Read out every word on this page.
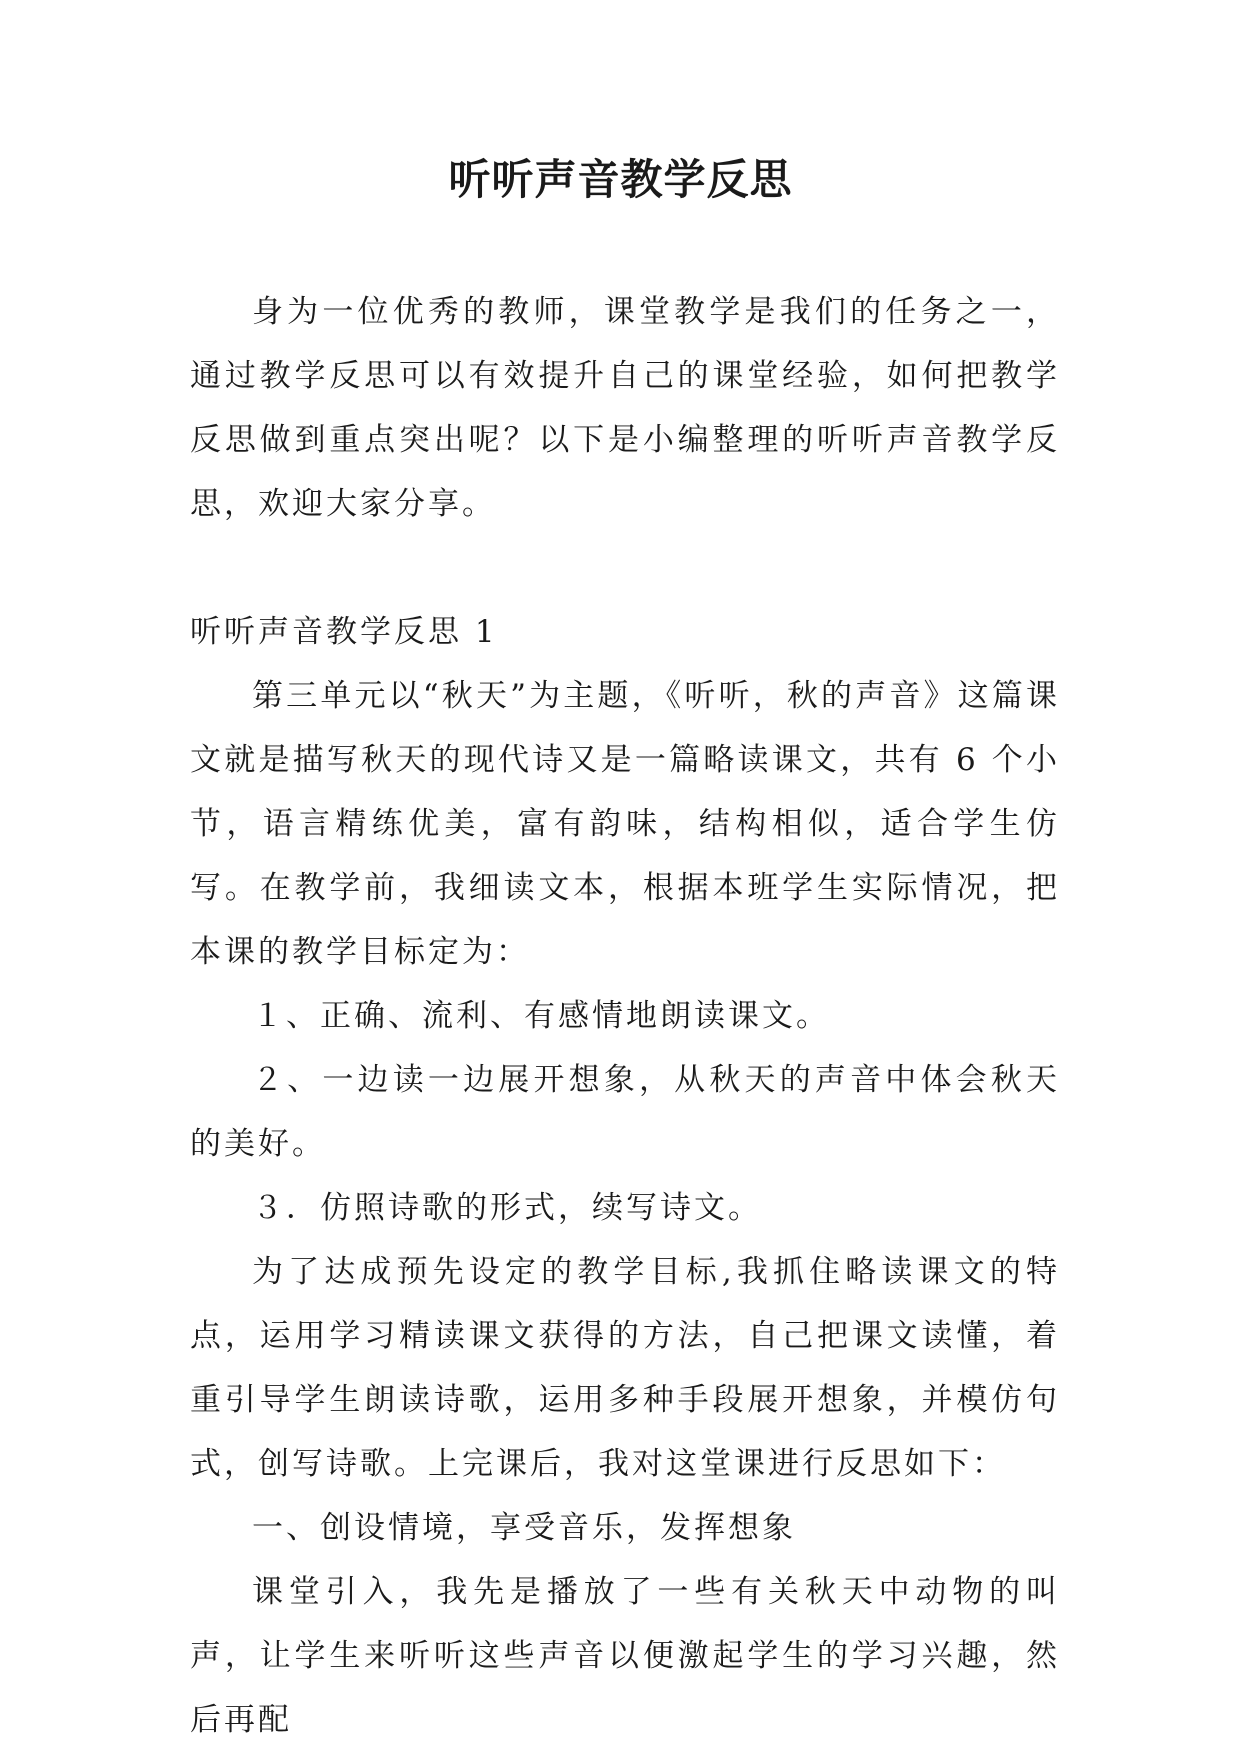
听听声音教学反思

身为一位优秀的教师，课堂教学是我们的任务之一，通过教学反思可以有效提升自己的课堂经验，如何把教学反思做到重点突出呢？以下是小编整理的听听声音教学反思，欢迎大家分享。

听听声音教学反思 1

第三单元以“秋天”为主题，《听听，秋的声音》这篇课文就是描写秋天的现代诗又是一篇略读课文，共有 6 个小节，语言精练优美，富有韵味，结构相似，适合学生仿写。在教学前，我细读文本，根据本班学生实际情况，把本课的教学目标定为：

１、正确、流利、有感情地朗读课文。

２、一边读一边展开想象，从秋天的声音中体会秋天的美好。

３．仿照诗歌的形式，续写诗文。

为了达成预先设定的教学目标,我抓住略读课文的特点，运用学习精读课文获得的方法，自己把课文读懂，着重引导学生朗读诗歌，运用多种手段展开想象，并模仿句式，创写诗歌。上完课后，我对这堂课进行反思如下：

一、创设情境，享受音乐，发挥想象

课堂引入，我先是播放了一些有关秋天中动物的叫声，让学生来听听这些声音以便激起学生的学习兴趣，然后再配
